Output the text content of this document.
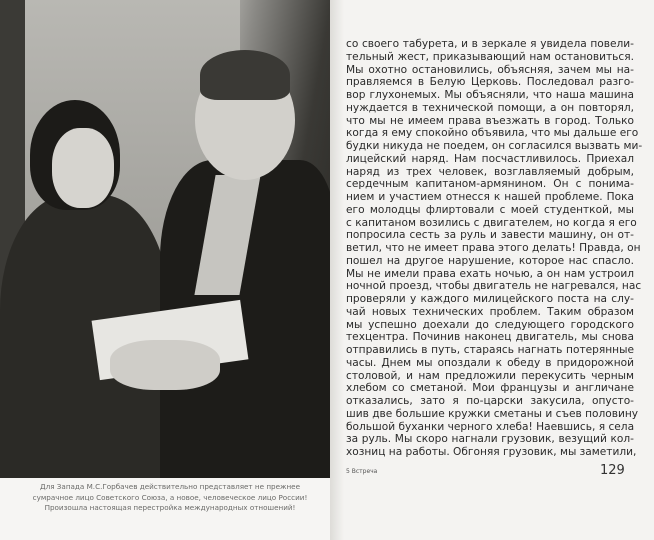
Для Запада М.С.Горбачев действительно представляет не прежнее
сумрачное лицо Советского Союза, а новое, человеческое лицо России!
Произошла настоящая перестройка международных отношений!
со своего табурета, и в зеркале я увидела повели-
тельный жест, приказывающий нам остановиться.
Мы охотно остановились, объясняя, зачем мы на-
правляемся в Белую Церковь. Последовал разго-
вор глухонемых. Мы объясняли, что наша машина
нуждается в технической помощи, а он повторял,
что мы не имеем права въезжать в город. Только
когда я ему спокойно объявила, что мы дальше его
будки никуда не поедем, он согласился вызвать ми-
лицейский наряд. Нам посчастливилось. Приехал
наряд из трех человек, возглавляемый добрым,
сердечным капитаном-армянином. Он с понима-
нием и участием отнесся к нашей проблеме. Пока
его молодцы флиртовали с моей студенткой, мы
с капитаном возились с двигателем, но когда я его
попросила сесть за руль и завести машину, он от-
ветил, что не имеет права этого делать! Правда, он
пошел на другое нарушение, которое нас спасло.
Мы не имели права ехать ночью, а он нам устроил
ночной проезд, чтобы двигатель не нагревался, нас
проверяли у каждого милицейского поста на слу-
чай новых технических проблем. Таким образом
мы успешно доехали до следующего городского
техцентра. Починив наконец двигатель, мы снова
отправились в путь, стараясь нагнать потерянные
часы. Днем мы опоздали к обеду в придорожной
столовой, и нам предложили перекусить черным
хлебом со сметаной. Мои французы и англичане
отказались, зато я по-царски закусила, опусто-
шив две большие кружки сметаны и съев половину
большой буханки черного хлеба! Наевшись, я села
за руль. Мы скоро нагнали грузовик, везущий кол-
хозниц на работы. Обгоняя грузовик, мы заметили,
5 Встреча	129
